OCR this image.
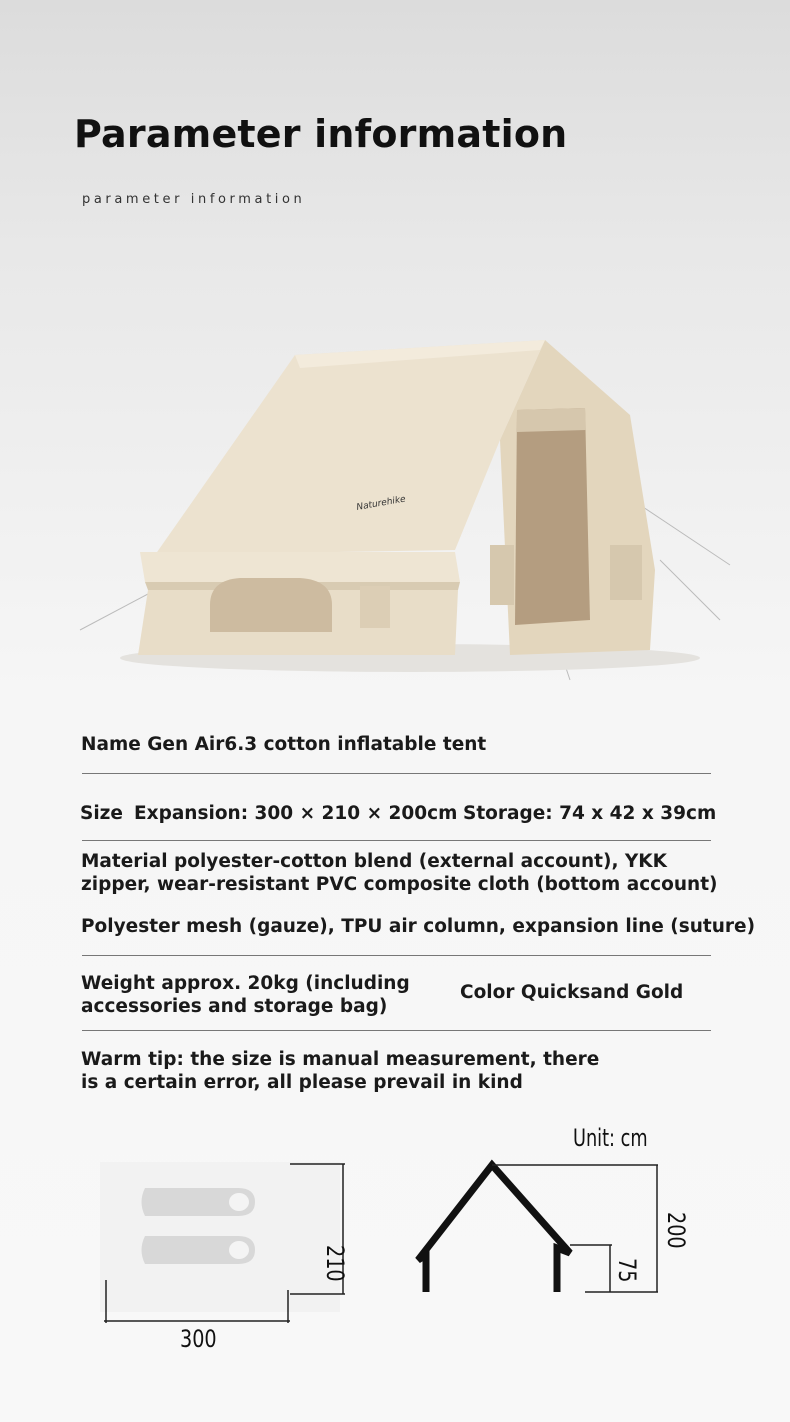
Parameter information
parameter information
Naturehike
Name Gen Air6.3 cotton inflatable tent
Size Expansion: 300 × 210 × 200cm Storage: 74 x 42 x 39cm
Material polyester-cotton blend (external account), YKK
zipper, wear-resistant PVC composite cloth (bottom account)
Polyester mesh (gauze), TPU air column, expansion line (suture)
Weight approx. 20kg (including
accessories and storage bag)
Color Quicksand Gold
Warm tip: the size is manual measurement, there
is a certain error, all please prevail in kind
Unit: cm
300
210
200
75
